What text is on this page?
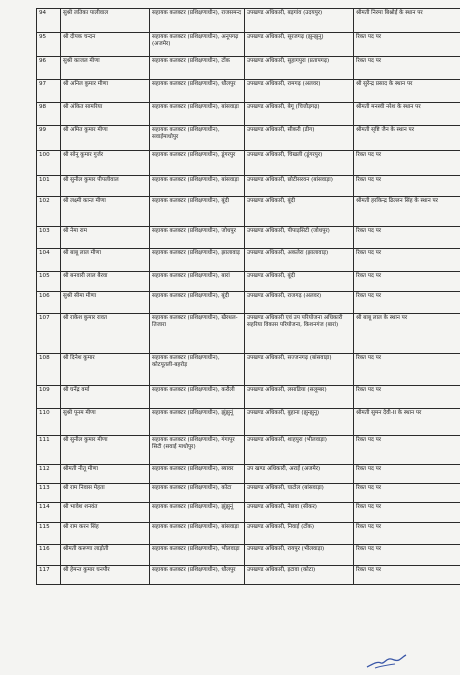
94	सुश्री लतिका पालीवाल	सहायक कलक्टर (प्रशिक्षणाधीन), राजसमन्द	उपखण्ड अधिकारी, बड़गांव (उदयपुर)	श्रीमती निरमा बिश्नोई के स्थान पर
95	श्री दीपक चन्दन	सहायक कलक्टर (प्रशिक्षणाधीन), अनूपगढ़ (अजमेर)	उपखण्ड अधिकारी, सूरजगढ़ (झुन्झुनू)	रिक्त पद पर
96	सुश्री काजल मीणा	सहायक कलक्टर (प्रशिक्षणाधीन), टोंक	उपखण्ड अधिकारी, सुहागपुरा (प्रतापगढ़)	रिक्त पद पर
97	श्री अनिल कुमार मीणा	सहायक कलक्टर (प्रशिक्षणाधीन), धौलपुर	उपखण्ड अधिकारी, रामगढ़ (अलवर)	श्री सुरेन्द्र प्रसाद के स्थान पर
98	श्री अंकित सामरिया	सहायक कलक्टर (प्रशिक्षणाधीन), बांसवाड़ा	उपखण्ड अधिकारी, बेगू (चित्तौड़गढ़)	श्रीमती मनस्वी नरेश के स्थान पर
99	श्री अमित कुमार मीणा	सहायक कलक्टर (प्रशिक्षणाधीन), सवाईमाधोपुर	उपखण्ड अधिकारी, सीकरी (डीग)	श्रीमती सृष्टि जैन के स्थान पर
100	श्री सोनू कुमार गुर्जर	सहायक कलक्टर (प्रशिक्षणाधीन), डूंगरपुर	उपखण्ड अधिकारी, चिखली (डूंगरपुर)	रिक्त पद पर
101	श्री सुनील कुमार पीपलीवाल	सहायक कलक्टर (प्रशिक्षणाधीन), बांसवाड़ा	उपखण्ड अधिकारी, छोटीसरवन (बांसवाड़ा)	रिक्त पद पर
102	श्री लक्ष्मी कान्त मीणा	सहायक कलक्टर (प्रशिक्षणाधीन), बूंदी	उपखण्ड अधिकारी, बूंदी	श्रीमती हरकिन्द्र ढिल्लन सिंह के स्थान पर
103	श्री नेमा राम	सहायक कलक्टर (प्रशिक्षणाधीन), जोधपुर	उपखण्ड अधिकारी, पीपाड़सिटी (जोधपुर)	रिक्त पद पर
104	श्री बाबू लाल मीणा	सहायक कलक्टर (प्रशिक्षणाधीन), झालावाड़	उपखण्ड अधिकारी, अकलेरा (झालावाड़)	रिक्त पद पर
105	श्री बनवारी लाल बैरवा	सहायक कलक्टर (प्रशिक्षणाधीन), बारां	उपखण्ड अधिकारी, बूंदी	रिक्त पद पर
106	सुश्री सीमा मीणा	सहायक कलक्टर (प्रशिक्षणाधीन), बूंदी	उपखण्ड अधिकारी, राजगढ़ (अलवर)	रिक्त पद पर
107	श्री राकेश कुमार रावत	सहायक कलक्टर (प्रशिक्षणाधीन), खैरथल-तिजारा	उपखण्ड अधिकारी एवं उप परियोजना अधिकारी सहरिया विकास परियोजना, किशनगंज (बारां)	श्री बाबू लाल के स्थान पर
108	श्री दिनेश कुमार	सहायक कलक्टर (प्रशिक्षणाधीन), कोटपूतली-बहरोड़	उपखण्ड अधिकारी, सज्जनगढ़ (बांसवाड़ा)	रिक्त पद पर
109	श्री घनेंद्र वर्मा	सहायक कलक्टर (प्रशिक्षणाधीन), करौली	उपखण्ड अधिकारी, लसाडिया (सलूम्बर)	रिक्त पद पर
110	सुश्री पूनम मीणा	सहायक कलक्टर (प्रशिक्षणाधीन), झुंझुनूं	उपखण्ड अधिकारी, बुहाना (झुन्झुनू)	श्रीमती सुमन देवी-II के स्थान पर
111	श्री सुनील कुमार मीणा	सहायक कलक्टर (प्रशिक्षणाधीन), गंगापुर सिटी (सवाई माधोपुर)	उपखण्ड अधिकारी, शाहपुरा (भीलवाड़ा)	रिक्त पद पर
112	श्रीमती नीतू मीणा	सहायक कलक्टर (प्रशिक्षणाधीन), ब्यावर	उप खण्ड अधिकारी, अराई (अजमेर)	रिक्त पद पर
113	श्री राम निवास मेहता	सहायक कलक्टर (प्रशिक्षणाधीन), कोटा	उपखण्ड अधिकारी, घाटोल (बांसवाड़ा)	रिक्त पद पर
114	श्री भावेश शनवंत	सहायक कलक्टर (प्रशिक्षणाधीन), झुंझुनूं	उपखण्ड अधिकारी, नेछवा (सीकर)	रिक्त पद पर
115	श्री राम करन सिंह	सहायक कलक्टर (प्रशिक्षणाधीन), बांसवाड़ा	उपखण्ड अधिकारी, निवाई (टोंक)	रिक्त पद पर
116	श्रीमती करूणा लाड़ोती	सहायक कलक्टर (प्रशिक्षणाधीन), भीलवाड़ा	उपखण्ड अधिकारी, रायपुर (भीलवाड़ा)	रिक्त पद पर
117	श्री हेमन्त कुमार घनपौर	सहायक कलक्टर (प्रशिक्षणाधीन), धौलपुर	उपखण्ड अधिकारी, इटावा (कोटा)	रिक्त पद पर
